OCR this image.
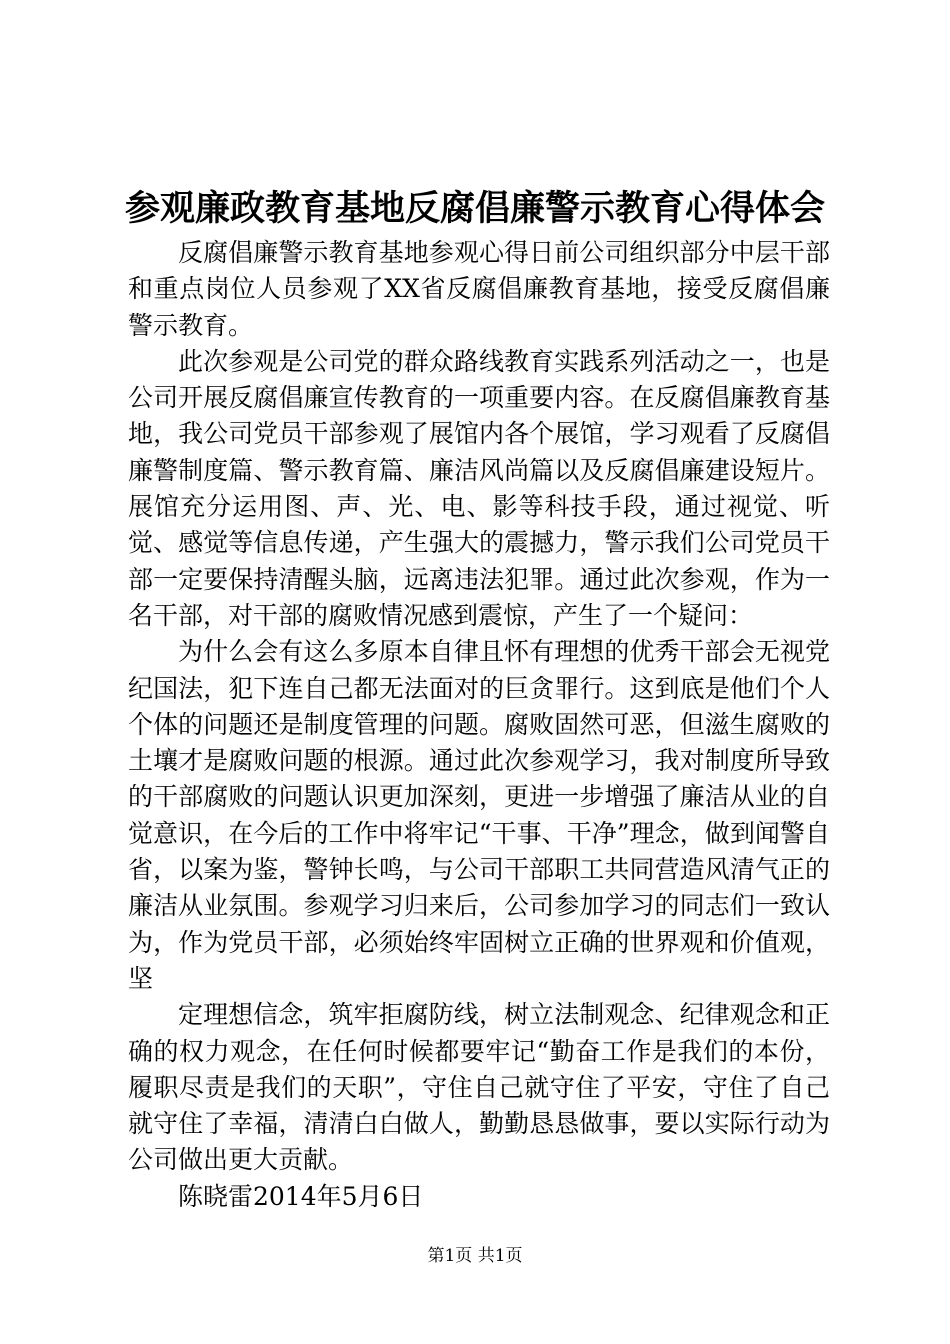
参观廉政教育基地反腐倡廉警示教育心得体会

反腐倡廉警示教育基地参观心得日前公司组织部分中层干部和重点岗位人员参观了XX省反腐倡廉教育基地，接受反腐倡廉警示教育。

此次参观是公司党的群众路线教育实践系列活动之一，也是公司开展反腐倡廉宣传教育的一项重要内容。在反腐倡廉教育基地，我公司党员干部参观了展馆内各个展馆，学习观看了反腐倡廉警制度篇、警示教育篇、廉洁风尚篇以及反腐倡廉建设短片。展馆充分运用图、声、光、电、影等科技手段，通过视觉、听觉、感觉等信息传递，产生强大的震撼力，警示我们公司党员干部一定要保持清醒头脑，远离违法犯罪。通过此次参观，作为一名干部，对干部的腐败情况感到震惊，产生了一个疑问：

为什么会有这么多原本自律且怀有理想的优秀干部会无视党纪国法，犯下连自己都无法面对的巨贪罪行。这到底是他们个人个体的问题还是制度管理的问题。腐败固然可恶，但滋生腐败的土壤才是腐败问题的根源。通过此次参观学习，我对制度所导致的干部腐败的问题认识更加深刻，更进一步增强了廉洁从业的自觉意识，在今后的工作中将牢记“干事、干净”理念，做到闻警自省，以案为鉴，警钟长鸣，与公司干部职工共同营造风清气正的廉洁从业氛围。参观学习归来后，公司参加学习的同志们一致认为，作为党员干部，必须始终牢固树立正确的世界观和价值观，坚

定理想信念，筑牢拒腐防线，树立法制观念、纪律观念和正确的权力观念，在任何时候都要牢记“勤奋工作是我们的本份，履职尽责是我们的天职”，守住自己就守住了平安，守住了自己就守住了幸福，清清白白做人，勤勤恳恳做事，要以实际行动为公司做出更大贡献。

陈晓雷2014年5月6日

第1页 共1页
